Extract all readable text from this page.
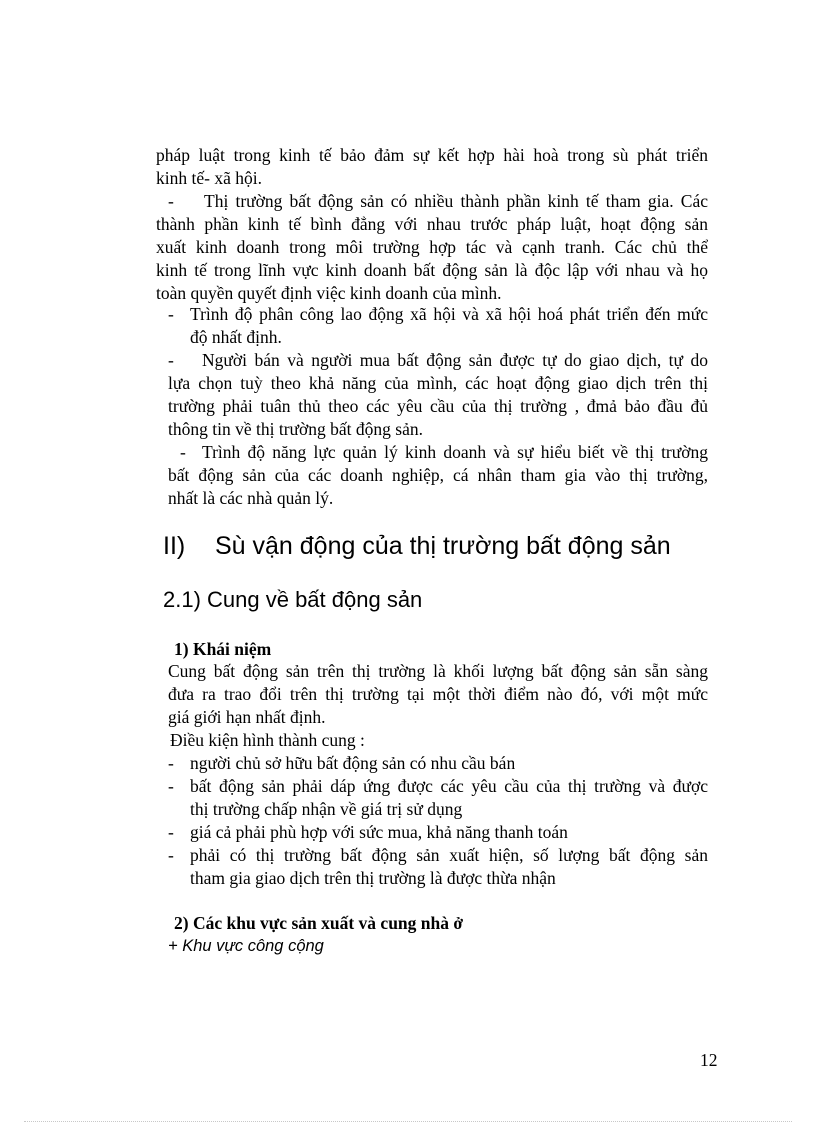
pháp luật trong kinh tế bảo đảm sự kết hợp hài hoà trong sù phát triển
kinh tế- xã hội.
- Thị trường bất động sản có nhiều thành phần kinh tế tham gia. Các
thành phần kinh tế bình đẳng với nhau trước pháp luật, hoạt động sản
xuất kinh doanh trong môi trường hợp tác và cạnh tranh. Các chủ thể
kinh tế trong lĩnh vực kinh doanh bất động sản là độc lập với nhau và họ
toàn quyền quyết định việc kinh doanh của mình.
- Trình độ phân công lao động xã hội và xã hội hoá phát triển đến mức
độ nhất định.
- Người bán và người mua bất động sản được tự do giao dịch, tự do
lựa chọn tuỳ theo khả năng của mình, các hoạt động giao dịch trên thị
trường phải tuân thủ theo các yêu cầu của thị trường , đmả bảo đầu đủ
thông tin về thị trường bất động sản.
- Trình độ năng lực quản lý kinh doanh và sự hiểu biết về thị trường
bất động sản của các doanh nghiệp, cá nhân tham gia vào thị trường,
nhất là các nhà quản lý.
II) Sù vận động của thị trường bất động sản
2.1) Cung về bất động sản
1) Khái niệm
Cung bất động sản trên thị trường là khối lượng bất động sản sẵn sàng
đưa ra trao đổi trên thị trường tại một thời điểm nào đó, với một mức
giá giới hạn nhất định.
Điều kiện hình thành cung :
- người chủ sở hữu bất động sản có nhu cầu bán
- bất động sản phải dáp ứng được các yêu cầu của thị trường và được
thị trường chấp nhận về giá trị sử dụng
- giá cả phải phù hợp với sức mua, khả năng thanh toán
- phải có thị trường bất động sản xuất hiện, số lượng bất động sản
tham gia giao dịch trên thị trường là được thừa nhận
2) Các khu vực sản xuất và cung nhà ở
+ Khu vực công cộng
12
